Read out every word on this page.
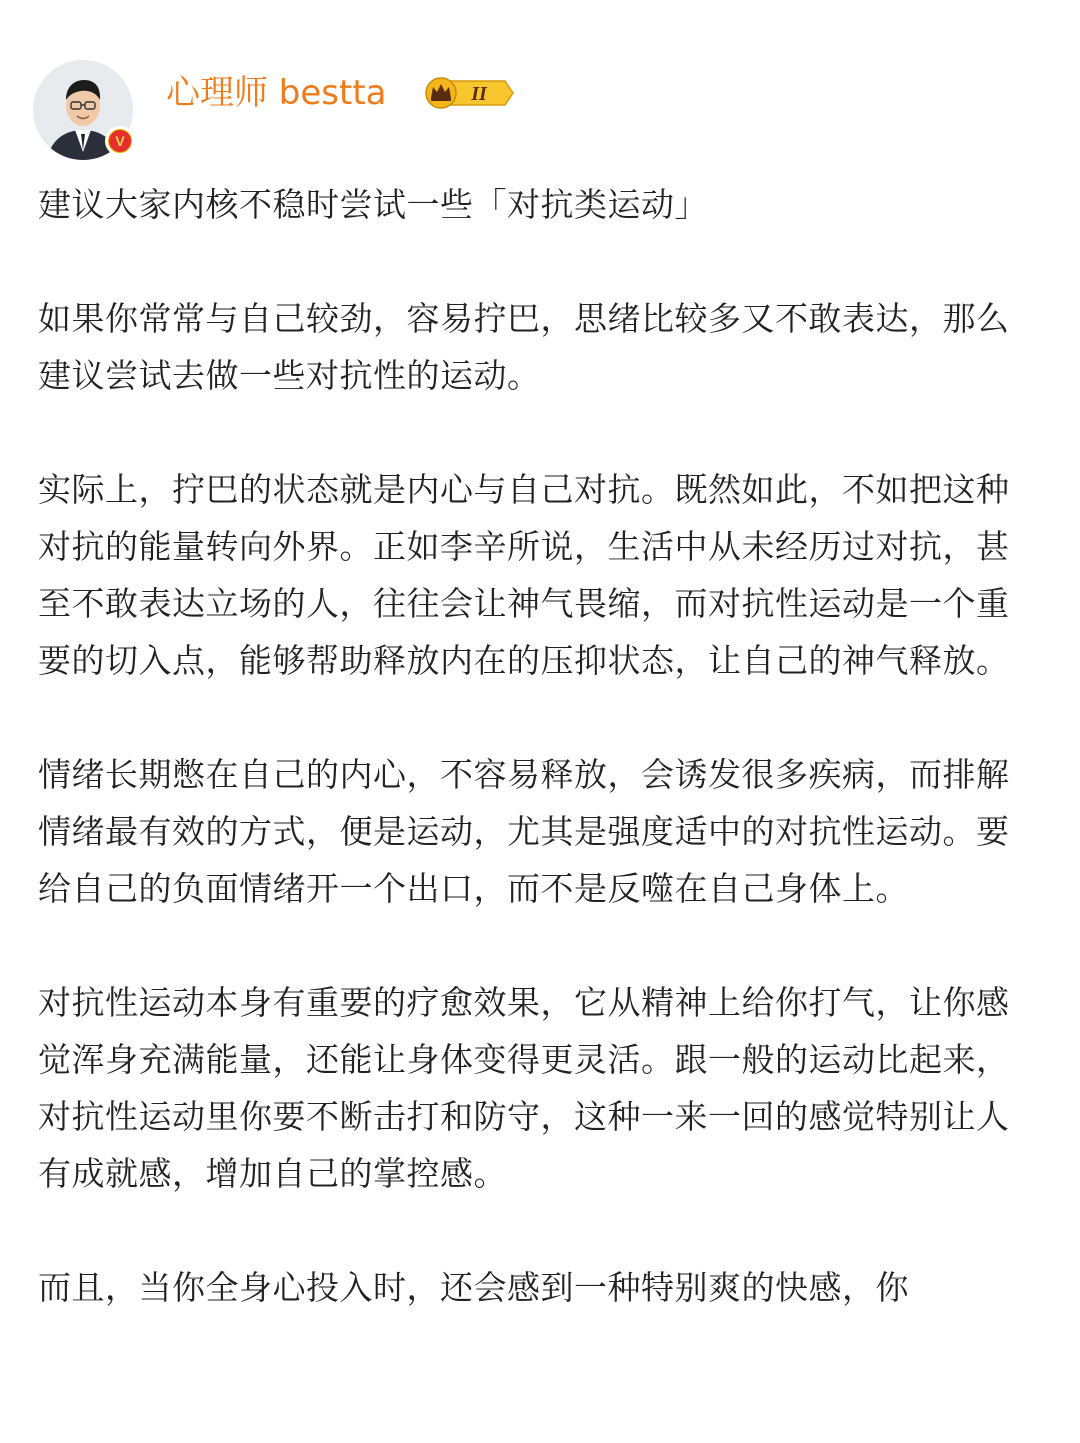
V
心理师 bestta	II

建议大家内核不稳时尝试一些「对抗类运动」

如果你常常与自己较劲，容易拧巴，思绪比较多又不敢表达，那么建议尝试去做一些对抗性的运动。

实际上，拧巴的状态就是内心与自己对抗。既然如此，不如把这种对抗的能量转向外界。正如李辛所说，生活中从未经历过对抗，甚至不敢表达立场的人，往往会让神气畏缩，而对抗性运动是一个重要的切入点，能够帮助释放内在的压抑状态，让自己的神气释放。

情绪长期憋在自己的内心，不容易释放，会诱发很多疾病，而排解情绪最有效的方式，便是运动，尤其是强度适中的对抗性运动。要给自己的负面情绪开一个出口，而不是反噬在自己身体上。

对抗性运动本身有重要的疗愈效果，它从精神上给你打气，让你感觉浑身充满能量，还能让身体变得更灵活。跟一般的运动比起来，对抗性运动里你要不断击打和防守，这种一来一回的感觉特别让人有成就感，增加自己的掌控感。

而且，当你全身心投入时，还会感到一种特别爽的快感，你
